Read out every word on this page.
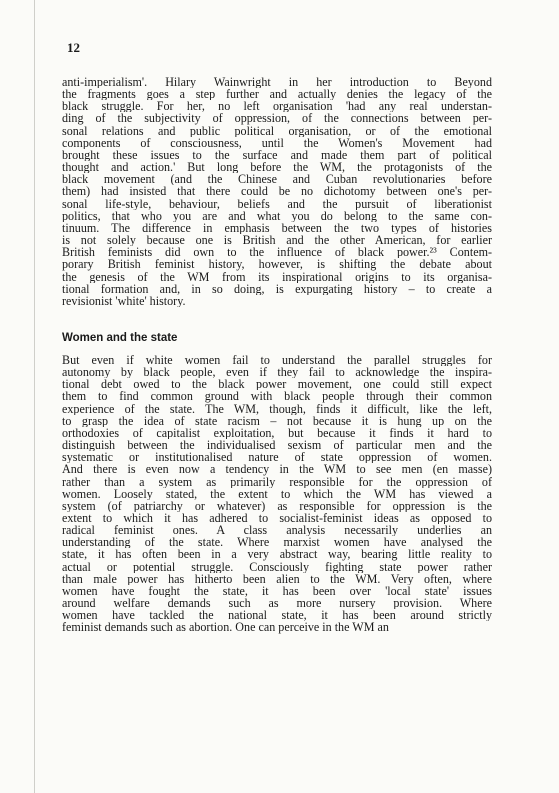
12

anti-imperialism'. Hilary Wainwright in her introduction to Beyond
the fragments goes a step further and actually denies the legacy of the
black struggle. For her, no left organisation 'had any real understan-
ding of the subjectivity of oppression, of the connections between per-
sonal relations and public political organisation, or of the emotional
components of consciousness, until the Women's Movement had
brought these issues to the surface and made them part of political
thought and action.' But long before the WM, the protagonists of the
black movement (and the Chinese and Cuban revolutionaries before
them) had insisted that there could be no dichotomy between one's per-
sonal life-style, behaviour, beliefs and the pursuit of liberationist
politics, that who you are and what you do belong to the same con-
tinuum. The difference in emphasis between the two types of histories
is not solely because one is British and the other American, for earlier
British feminists did own to the influence of black power.²³ Contem-
porary British feminist history, however, is shifting the debate about
the genesis of the WM from its inspirational origins to its organisa-
tional formation and, in so doing, is expurgating history – to create a
revisionist 'white' history.

Women and the state

But even if white women fail to understand the parallel struggles for
autonomy by black people, even if they fail to acknowledge the inspira-
tional debt owed to the black power movement, one could still expect
them to find common ground with black people through their common
experience of the state. The WM, though, finds it difficult, like the left,
to grasp the idea of state racism – not because it is hung up on the
orthodoxies of capitalist exploitation, but because it finds it hard to
distinguish between the individualised sexism of particular men and the
systematic or institutionalised nature of state oppression of women.
And there is even now a tendency in the WM to see men (en masse)
rather than a system as primarily responsible for the oppression of
women. Loosely stated, the extent to which the WM has viewed a
system (of patriarchy or whatever) as responsible for oppression is the
extent to which it has adhered to socialist-feminist ideas as opposed to
radical feminist ones. A class analysis necessarily underlies an
understanding of the state. Where marxist women have analysed the
state, it has often been in a very abstract way, bearing little reality to
actual or potential struggle. Consciously fighting state power rather
than male power has hitherto been alien to the WM. Very often, where
women have fought the state, it has been over 'local state' issues
around welfare demands such as more nursery provision. Where
women have tackled the national state, it has been around strictly
feminist demands such as abortion. One can perceive in the WM an
